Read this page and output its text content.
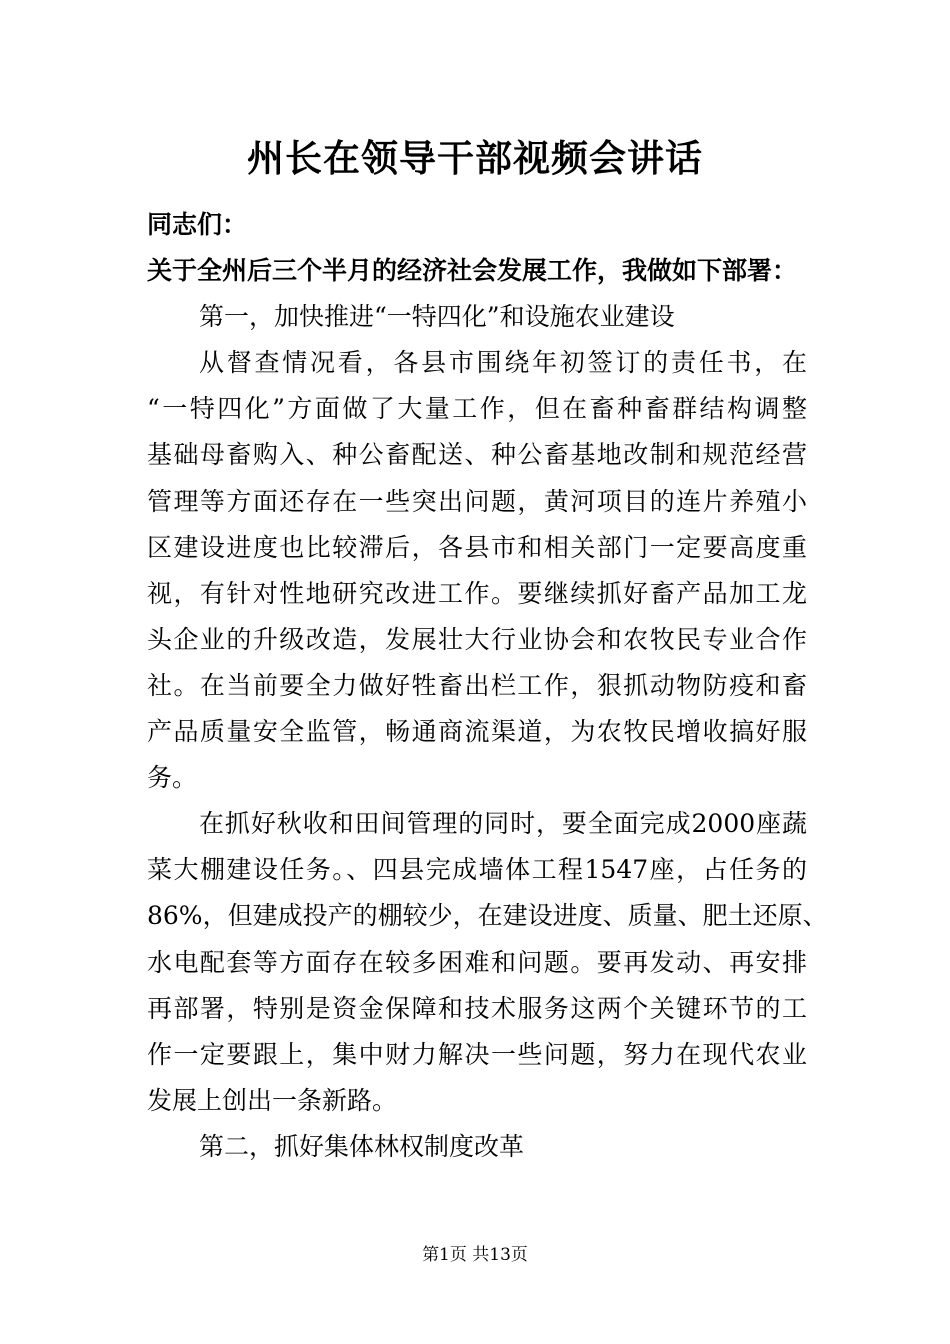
州长在领导干部视频会讲话
同志们：
关于全州后三个半月的经济社会发展工作，我做如下部署：
第一，加快推进“一特四化”和设施农业建设
从督查情况看，各县市围绕年初签订的责任书，在
“一特四化”方面做了大量工作，但在畜种畜群结构调整
基础母畜购入、种公畜配送、种公畜基地改制和规范经营
管理等方面还存在一些突出问题，黄河项目的连片养殖小
区建设进度也比较滞后，各县市和相关部门一定要高度重
视，有针对性地研究改进工作。要继续抓好畜产品加工龙
头企业的升级改造，发展壮大行业协会和农牧民专业合作
社。在当前要全力做好牲畜出栏工作，狠抓动物防疫和畜
产品质量安全监管，畅通商流渠道，为农牧民增收搞好服
务。
在抓好秋收和田间管理的同时，要全面完成2000座蔬
菜大棚建设任务。、四县完成墙体工程1547座，占任务的
86%，但建成投产的棚较少，在建设进度、质量、肥土还原、
水电配套等方面存在较多困难和问题。要再发动、再安排
再部署，特别是资金保障和技术服务这两个关键环节的工
作一定要跟上，集中财力解决一些问题，努力在现代农业
发展上创出一条新路。
第二，抓好集体林权制度改革
第1页 共13页
